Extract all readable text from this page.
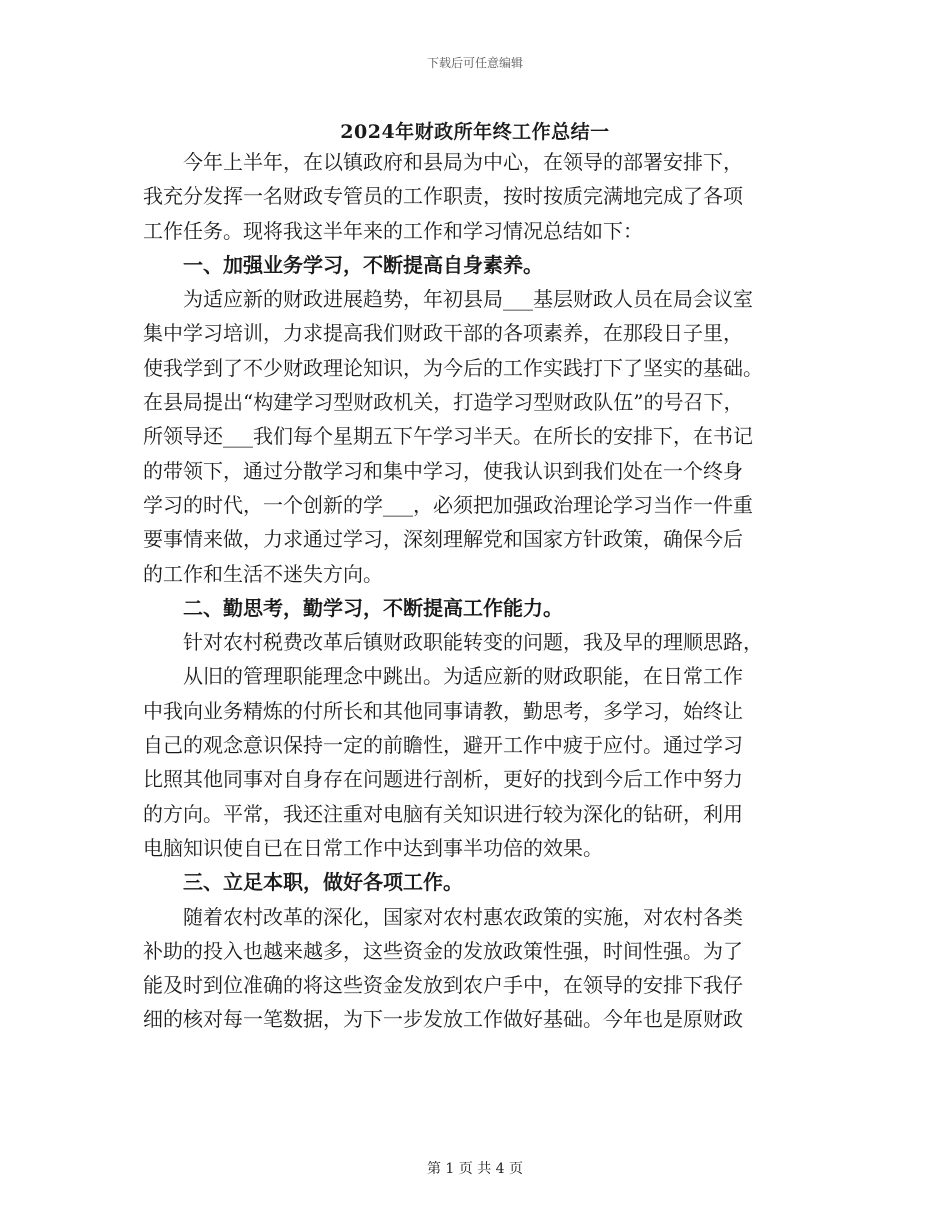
下载后可任意编辑
2024年财政所年终工作总结一
今年上半年，在以镇政府和县局为中心，在领导的部署安排下，
我充分发挥一名财政专管员的工作职责，按时按质完满地完成了各项
工作任务。现将我这半年来的工作和学习情况总结如下：
一、加强业务学习，不断提高自身素养。
为适应新的财政进展趋势，年初县局___基层财政人员在局会议室
集中学习培训，力求提高我们财政干部的各项素养，在那段日子里，
使我学到了不少财政理论知识，为今后的工作实践打下了坚实的基础。
在县局提出“构建学习型财政机关，打造学习型财政队伍”的号召下，
所领导还___我们每个星期五下午学习半天。在所长的安排下，在书记
的带领下，通过分散学习和集中学习，使我认识到我们处在一个终身
学习的时代，一个创新的学___，必须把加强政治理论学习当作一件重
要事情来做，力求通过学习，深刻理解党和国家方针政策，确保今后
的工作和生活不迷失方向。
二、勤思考，勤学习，不断提高工作能力。
针对农村税费改革后镇财政职能转变的问题，我及早的理顺思路，
从旧的管理职能理念中跳出。为适应新的财政职能，在日常工作
中我向业务精炼的付所长和其他同事请教，勤思考，多学习，始终让
自己的观念意识保持一定的前瞻性，避开工作中疲于应付。通过学习
比照其他同事对自身存在问题进行剖析，更好的找到今后工作中努力
的方向。平常，我还注重对电脑有关知识进行较为深化的钻研，利用
电脑知识使自已在日常工作中达到事半功倍的效果。
三、立足本职，做好各项工作。
随着农村改革的深化，国家对农村惠农政策的实施，对农村各类
补助的投入也越来越多，这些资金的发放政策性强，时间性强。为了
能及时到位准确的将这些资金发放到农户手中，在领导的安排下我仔
细的核对每一笔数据，为下一步发放工作做好基础。今年也是原财政
第 1 页 共 4 页
